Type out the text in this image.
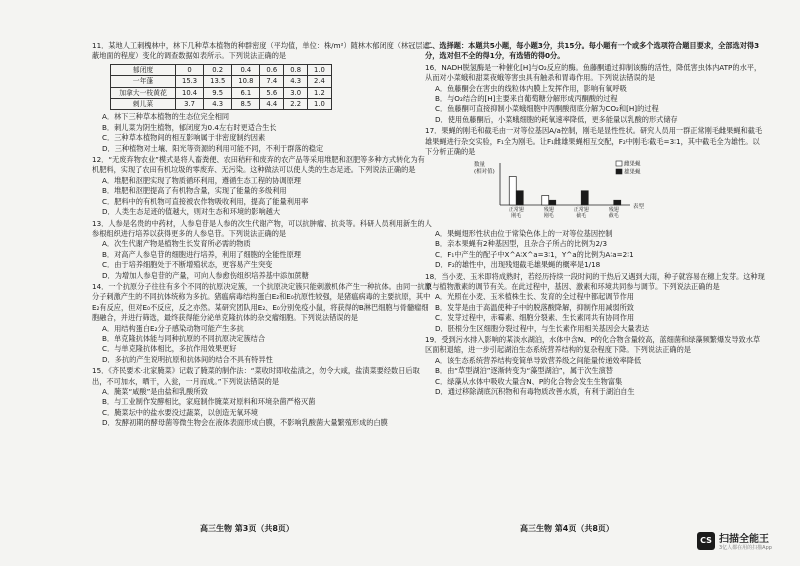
11．某地人工刺槐林中，林下几种草本植物的种群密度（平均值，单位：株/m²）随林木郁闭度（林冠层遮蔽地面的程度）变化的调查数据如表所示。下列说法正确的是

郁闭度	0	0.2	0.4	0.6	0.8	1.0
一年蓬	15.3	13.5	10.8	7.4	4.3	2.4
加拿大一枝黄花	10.4	9.5	6.1	5.6	3.0	1.2
刺儿菜	3.7	4.3	8.5	4.4	2.2	1.0

A．林下三种草本植物的生态位完全相同

B．刺儿菜为阴生植物，郁闭度为0.4左右时更适合生长

C．三种草本植物间的相互影响属于非密度制约因素

D．三种植物对土壤、阳光等资源的利用可能不同，不利于群落的稳定

12．“无废弃物农业”模式是将人畜粪便、农田秸秆和废弃的农产品等采用堆肥和沤肥等多种方式转化为有机肥料，实现了农田有机垃圾的零废弃、无污染。这种做法可以使人类的生态足迹。下列说法正确的是

A．堆肥和沤肥实现了物质循环利用，遵循生态工程的协调原理

B．堆肥和沤肥提高了有机物含量，实现了能量的多级利用

C．肥料中的有机物可直接被农作物吸收利用，提高了能量利用率

D．人类生态足迹的值越大，则对生态和环境的影响越大

13．人参是名贵的中药材，人参皂苷是人参的次生代谢产物，可以抗肿瘤、抗炎等。科研人员利用新生的人参根组织进行培养以获得更多的人参皂苷。下列说法正确的是

A．次生代谢产物是植物生长发育所必需的物质

B．对高产人参皂苷的细胞进行培养，利用了细胞的全能性原理

C．由于培养细胞处于不断增殖状态，更容易产生突变

D．为增加人参皂苷的产量，可向人参愈伤组织培养基中添加蔗糖

14．一个抗原分子往往有多个不同的抗原决定簇，一个抗原决定簇只能刺激机体产生一种抗体。由同一抗原分子刺激产生的不同抗体统称为多抗。猪瘟病毒结构蛋白E₂和E₀抗原性较强，是猪瘟病毒的主要抗原，其中E₂有反应，但对E₀不反应，反之亦然。某研究团队用E₂、E₀分别免疫小鼠，将获得的B淋巴细胞与骨髓瘤细胞融合，并进行筛选，最终获得能分泌单克隆抗体的杂交瘤细胞。下列说法错误的是

A．用结构蛋白E₂分子感染动物可能产生多抗

B．单克隆抗体能与同种抗原的不同抗原决定簇结合

C．与单克隆抗体相比，多抗作用效果更好

D．多抗的产生说明抗原和抗体间的结合不具有特异性

15．《齐民要术·北家腌菜》记载了腌菜的制作法：“菜收时即收盐渍之，勿令大咸，盐渍菜要经数日后取出，不可加水，晒干，入瓮，一月而成。”下列说法错误的是

A．腌菜“咸酸”是由盐和乳酸所致

B．与工业制作发酵相比，家庭制作腌菜对原料和环境杂菌严格灭菌

C．腌菜坛中的盐水要没过蔬菜，以创造无氧环境

D．发酵初期的酵母菌等微生物会在液体表面形成白膜，不影响乳酸菌大量繁殖形成的白膜

二、选择题：本题共5小题，每小题3分，共15分。每小题有一个或多个选项符合题目要求，全部选对得3分，选对但不全的得1分，有选错的得0分。

16．NADH脱氢酶是一种催化[H]与O₂反应的酶。鱼藤酮通过抑制该酶的活性，降低害虫体内ATP的水平，从而对小菜蛾和甜菜夜蛾等害虫具有触杀和胃毒作用。下列说法错误的是

A．鱼藤酮会在害虫的线粒体内膜上发挥作用，影响有氧呼吸

B．与O₂结合的[H]主要来自葡萄糖分解形成丙酮酸的过程

C．鱼藤酮可直接抑制小菜蛾细胞中丙酮酸彻底分解为CO₂和[H]的过程

D．使用鱼藤酮后，小菜蛾细胞的耗氧速率降低，更多能量以乳酸的形式储存

17．果蝇的刚毛和截毛由一对等位基因A/a控制，刚毛是显性性状。研究人员用一群正常刚毛雌果蝇和截毛雄果蝇进行杂交实验，F₁全为刚毛。让F₁雌雄果蝇相互交配，F₂中刚毛∶截毛=3∶1，其中截毛全为雄性。以下分析正确的是

数量
(相对值)
表型
正常翅
刚毛
残翅
刚毛
正常翅
截毛
残翅
截毛
雌果蝇
雄果蝇

A．果蝇翅形性状由位于常染色体上的一对等位基因控制

B．亲本果蝇有2种基因型，且杂合子所占的比例为2/3

C．F₁中产生的配子中X^A∶X^a=3∶1，Y^a的比例为A∶a=2∶1

D．F₂的雄性中，出现残翅截毛雄果蝇的概率是1/18

18．当小麦、玉米即将成熟时，若经历持续一段时间的干热后又遇到大雨，种子就容易在穗上发芽。这种现象与植物激素的调节有关。在此过程中，基因、激素和环境共同参与调节。下列说法正确的是

A．光照在小麦、玉米植株生长、发育的全过程中都起调节作用

B．发芽是由于高温使种子中的脱落酸降解，抑制作用减弱所致

C．发芽过程中，赤霉素、细胞分裂素、生长素同共有协同作用

D．胚根分生区细胞分裂过程中，与生长素作用相关基因会大量表达

19．受到污水排入影响的某淡水湖泊，水体中含N、P的化合物含量较高，蓝细菌和绿藻频繁爆发导致水草区面积退缩，进一步引起湖泊生态系统营养结构的复杂程度下降。下列说法正确的是

A．该生态系统营养结构变简单导致营养级之间能量传递效率降低

B．由“草型湖泊”逐渐转变为“藻型湖泊”，属于次生演替

C．绿藻从水体中吸收大量含N、P的化合物会发生生物富集

D．通过移除湖底沉积物和有毒物质改善水质，有利于湖泊自生

高三生物 第3页（共8页）	高三生物 第4页（共8页）
CS 扫描全能王
3亿人都在用的扫描App
